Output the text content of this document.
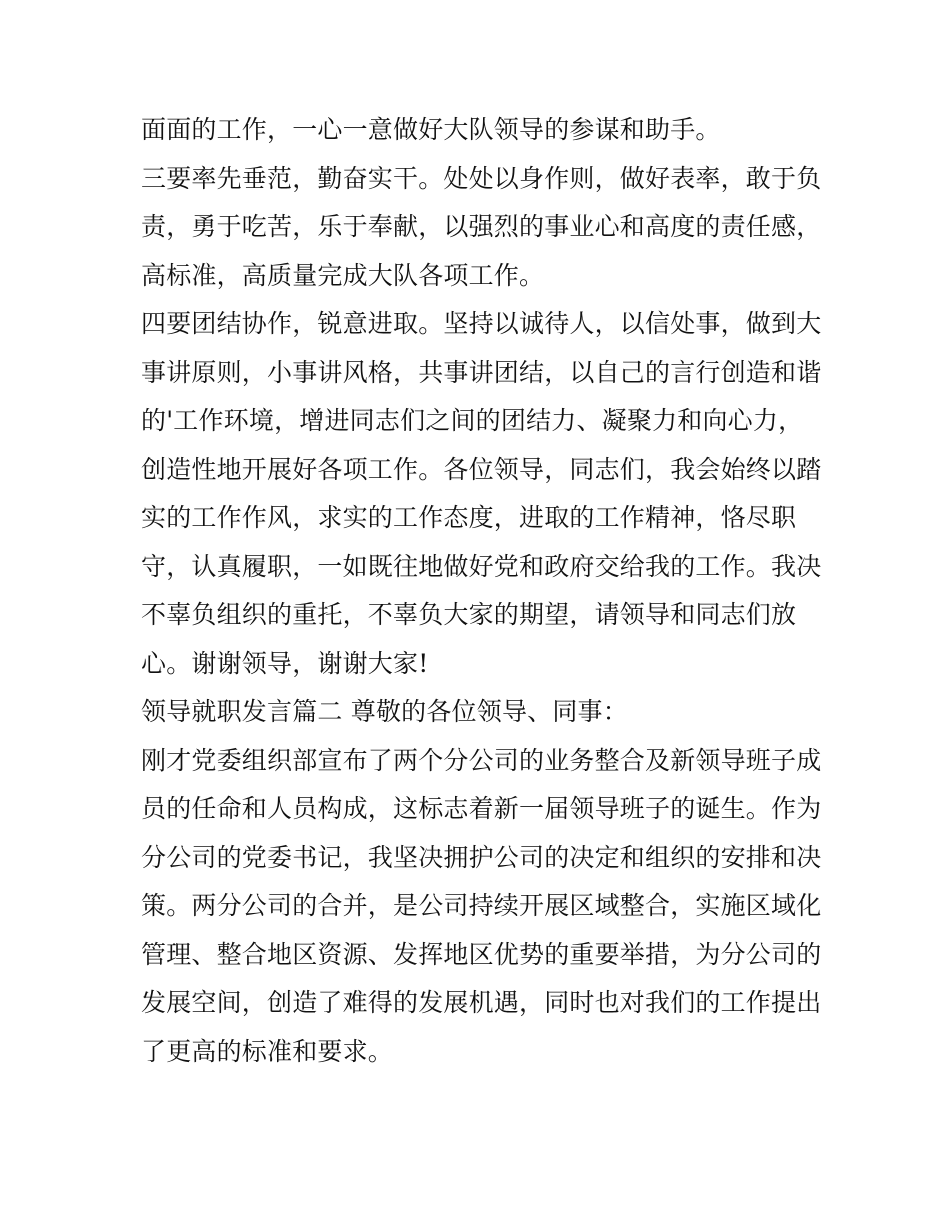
面面的工作，一心一意做好大队领导的参谋和助手。
三要率先垂范，勤奋实干。处处以身作则，做好表率，敢于负
责，勇于吃苦，乐于奉献，以强烈的事业心和高度的责任感，
高标准，高质量完成大队各项工作。
四要团结协作，锐意进取。坚持以诚待人，以信处事，做到大
事讲原则，小事讲风格，共事讲团结，以自己的言行创造和谐
的'工作环境，增进同志们之间的团结力、凝聚力和向心力，
创造性地开展好各项工作。各位领导，同志们，我会始终以踏
实的工作作风，求实的工作态度，进取的工作精神，恪尽职
守，认真履职，一如既往地做好党和政府交给我的工作。我决
不辜负组织的重托，不辜负大家的期望，请领导和同志们放
心。谢谢领导，谢谢大家!
领导就职发言篇二 尊敬的各位领导、同事：
刚才党委组织部宣布了两个分公司的业务整合及新领导班子成
员的任命和人员构成，这标志着新一届领导班子的诞生。作为
分公司的党委书记，我坚决拥护公司的决定和组织的安排和决
策。两分公司的合并，是公司持续开展区域整合，实施区域化
管理、整合地区资源、发挥地区优势的重要举措，为分公司的
发展空间，创造了难得的发展机遇，同时也对我们的工作提出
了更高的标准和要求。
